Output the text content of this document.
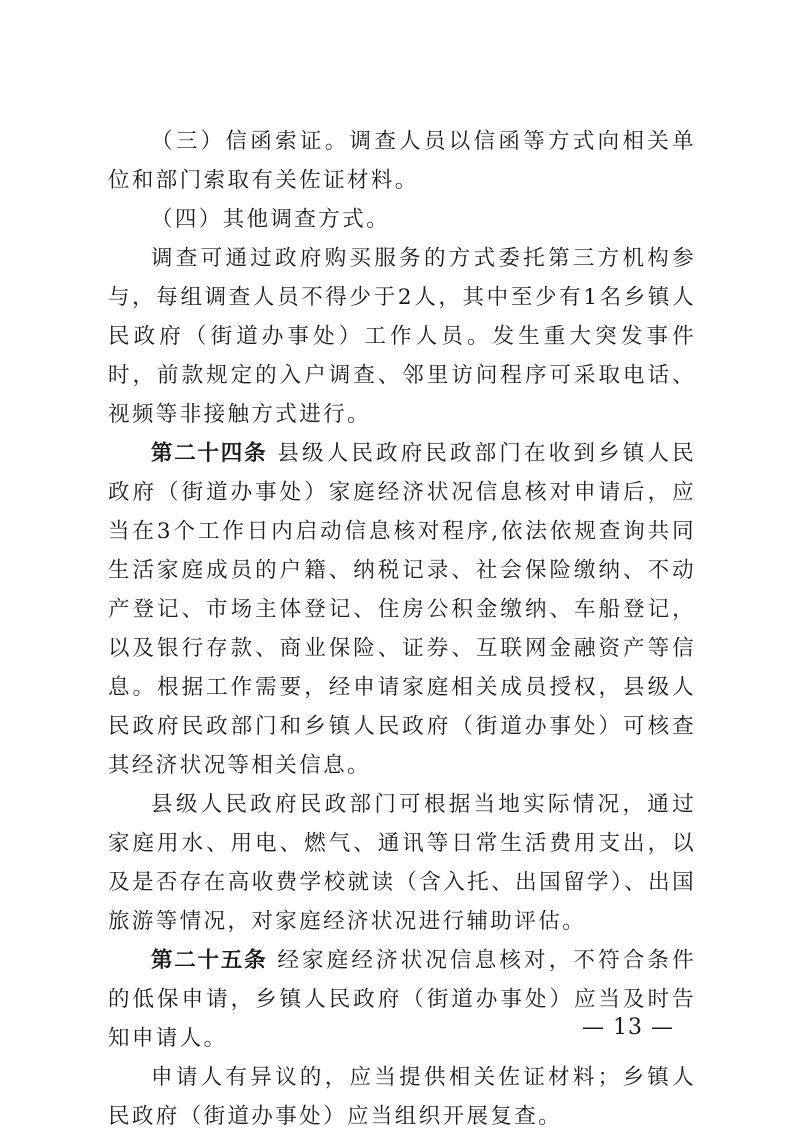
（三）信函索证。调查人员以信函等方式向相关单位和部门索取有关佐证材料。

（四）其他调查方式。

调查可通过政府购买服务的方式委托第三方机构参与，每组调查人员不得少于2人，其中至少有1名乡镇人民政府（街道办事处）工作人员。发生重大突发事件时，前款规定的入户调查、邻里访问程序可采取电话、视频等非接触方式进行。

第二十四条 县级人民政府民政部门在收到乡镇人民政府（街道办事处）家庭经济状况信息核对申请后，应当在3个工作日内启动信息核对程序,依法依规查询共同生活家庭成员的户籍、纳税记录、社会保险缴纳、不动产登记、市场主体登记、住房公积金缴纳、车船登记，以及银行存款、商业保险、证券、互联网金融资产等信息。根据工作需要，经申请家庭相关成员授权，县级人民政府民政部门和乡镇人民政府（街道办事处）可核查其经济状况等相关信息。

县级人民政府民政部门可根据当地实际情况，通过家庭用水、用电、燃气、通讯等日常生活费用支出，以及是否存在高收费学校就读（含入托、出国留学）、出国旅游等情况，对家庭经济状况进行辅助评估。

第二十五条 经家庭经济状况信息核对，不符合条件的低保申请，乡镇人民政府（街道办事处）应当及时告知申请人。

申请人有异议的，应当提供相关佐证材料；乡镇人民政府（街道办事处）应当组织开展复查。

— 13 —
